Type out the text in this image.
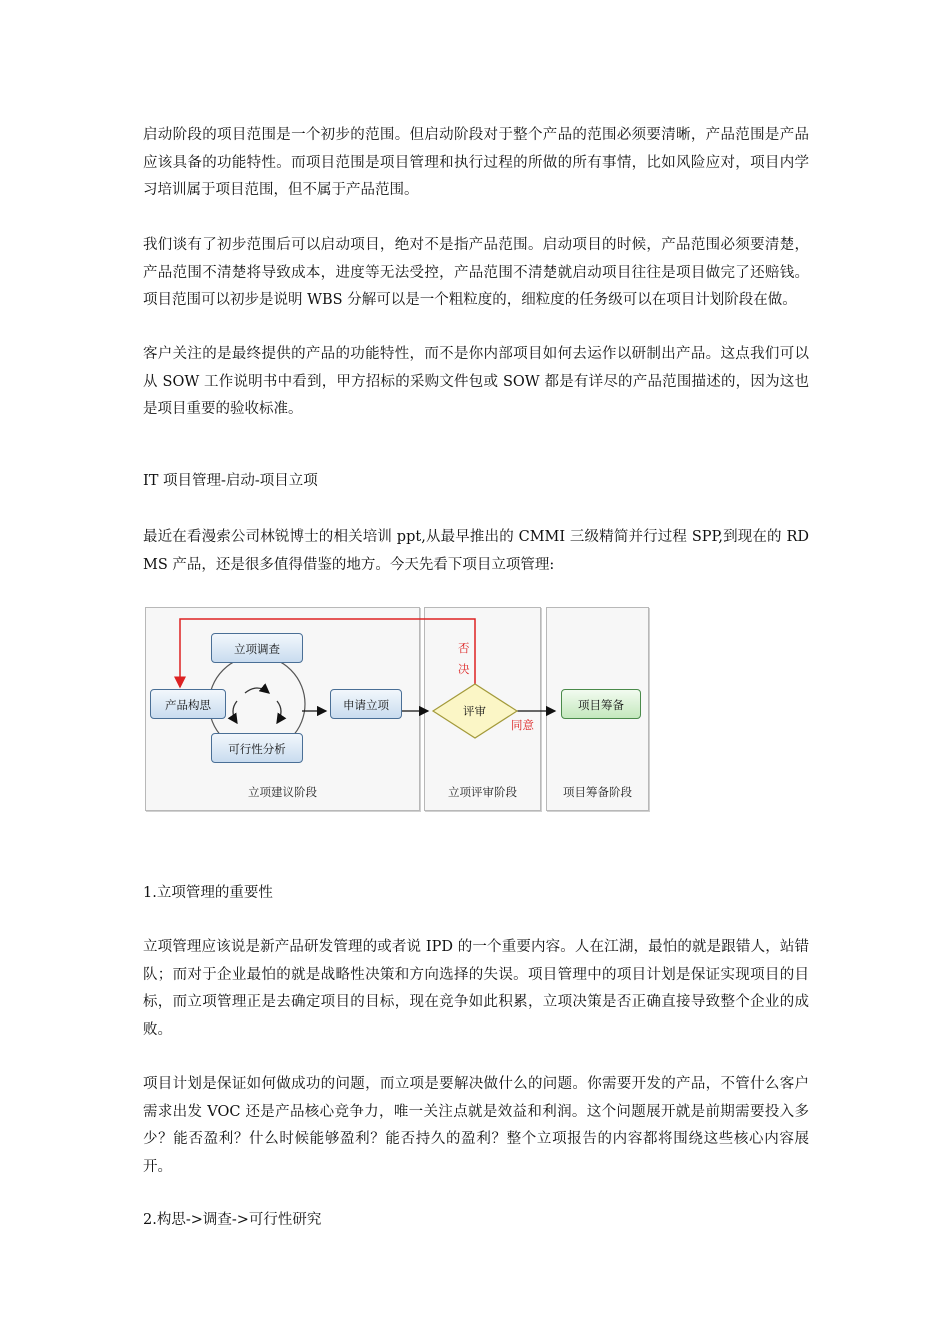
启动阶段的项目范围是一个初步的范围。但启动阶段对于整个产品的范围必须要清晰，产品范围是产品应该具备的功能特性。而项目范围是项目管理和执行过程的所做的所有事情，比如风险应对，项目内学习培训属于项目范围，但不属于产品范围。

我们谈有了初步范围后可以启动项目，绝对不是指产品范围。启动项目的时候，产品范围必须要清楚，产品范围不清楚将导致成本，进度等无法受控，产品范围不清楚就启动项目往往是项目做完了还赔钱。项目范围可以初步是说明 WBS 分解可以是一个粗粒度的，细粒度的任务级可以在项目计划阶段在做。

客户关注的是最终提供的产品的功能特性，而不是你内部项目如何去运作以研制出产品。这点我们可以从 SOW 工作说明书中看到，甲方招标的采购文件包或 SOW 都是有详尽的产品范围描述的，因为这也是项目重要的验收标准。

IT 项目管理-启动-项目立项

最近在看漫索公司林锐博士的相关培训 ppt,从最早推出的 CMMI 三级精简并行过程 SPP,到现在的 RDMS 产品，还是很多值得借鉴的地方。今天先看下项目立项管理:

立项建议阶段	立项评审阶段	项目筹备阶段
立项调查
产品构思
可行性分析
申请立项	评审	项目筹备
否
决
同意

1.立项管理的重要性

立项管理应该说是新产品研发管理的或者说 IPD 的一个重要内容。人在江湖，最怕的就是跟错人，站错队；而对于企业最怕的就是战略性决策和方向选择的失误。项目管理中的项目计划是保证实现项目的目标，而立项管理正是去确定项目的目标，现在竞争如此积累，立项决策是否正确直接导致整个企业的成败。

项目计划是保证如何做成功的问题，而立项是要解决做什么的问题。你需要开发的产品，不管什么客户需求出发 VOC 还是产品核心竞争力，唯一关注点就是效益和利润。这个问题展开就是前期需要投入多少？能否盈利？什么时候能够盈利？能否持久的盈利？整个立项报告的内容都将围绕这些核心内容展开。

2.构思->调查->可行性研究
